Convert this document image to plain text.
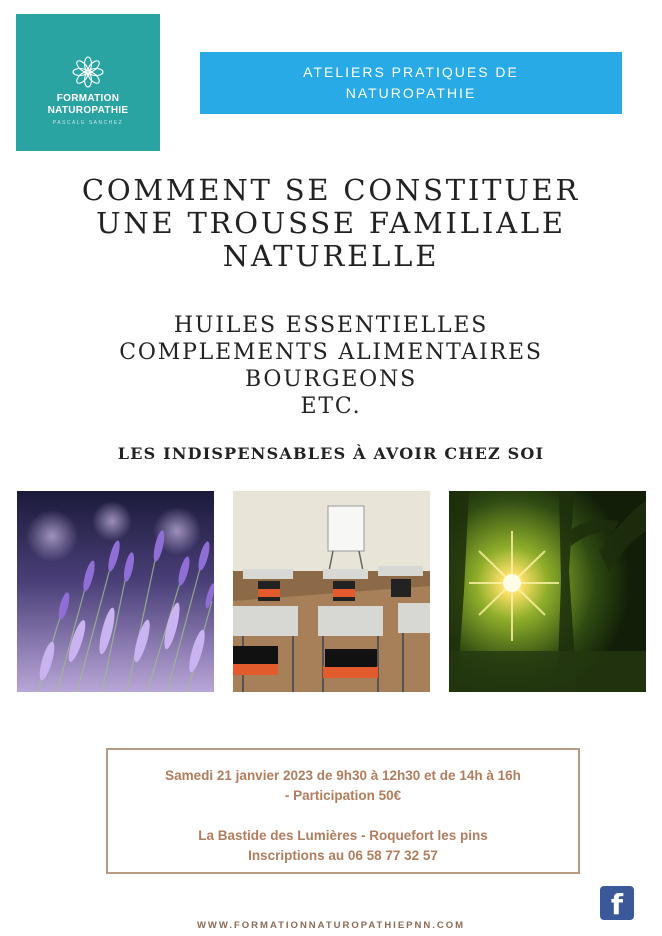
FORMATION
NATUROPATHIE
PASCALE SANCHEZ
ATELIERS PRATIQUES DE
NATUROPATHIE
COMMENT SE CONSTITUER
UNE TROUSSE FAMILIALE
NATURELLE
HUILES ESSENTIELLES
COMPLEMENTS ALIMENTAIRES
BOURGEONS
ETC.
LES INDISPENSABLES À AVOIR CHEZ SOI
Samedi 21 janvier 2023 de 9h30 à 12h30 et de 14h à 16h
- Participation 50€
La Bastide des Lumières - Roquefort les pins
Inscriptions au 06 58 77 32 57
f
WWW.FORMATIONNATUROPATHIEPNN.COM
